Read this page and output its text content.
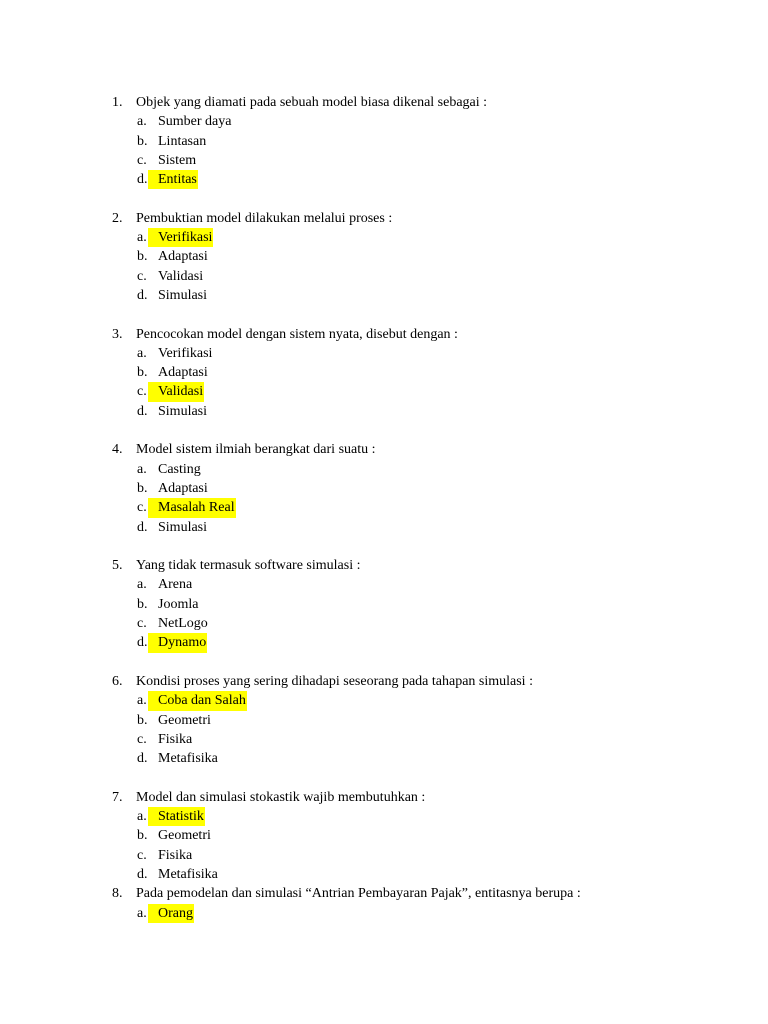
1. Objek yang diamati pada sebuah model biasa dikenal sebagai :
a. Sumber daya
b. Lintasan
c. Sistem
d. Entitas
2. Pembuktian model dilakukan melalui proses :
a. Verifikasi
b. Adaptasi
c. Validasi
d. Simulasi
3. Pencocokan model dengan sistem nyata, disebut dengan :
a. Verifikasi
b. Adaptasi
c. Validasi
d. Simulasi
4. Model sistem ilmiah berangkat dari suatu :
a. Casting
b. Adaptasi
c. Masalah Real
d. Simulasi
5. Yang tidak termasuk software simulasi :
a. Arena
b. Joomla
c. NetLogo
d. Dynamo
6. Kondisi proses yang sering dihadapi seseorang pada tahapan simulasi :
a. Coba dan Salah
b. Geometri
c. Fisika
d. Metafisika
7. Model dan simulasi stokastik wajib membutuhkan :
a. Statistik
b. Geometri
c. Fisika
d. Metafisika
8. Pada pemodelan dan simulasi “Antrian Pembayaran Pajak”, entitasnya berupa :
a. Orang
